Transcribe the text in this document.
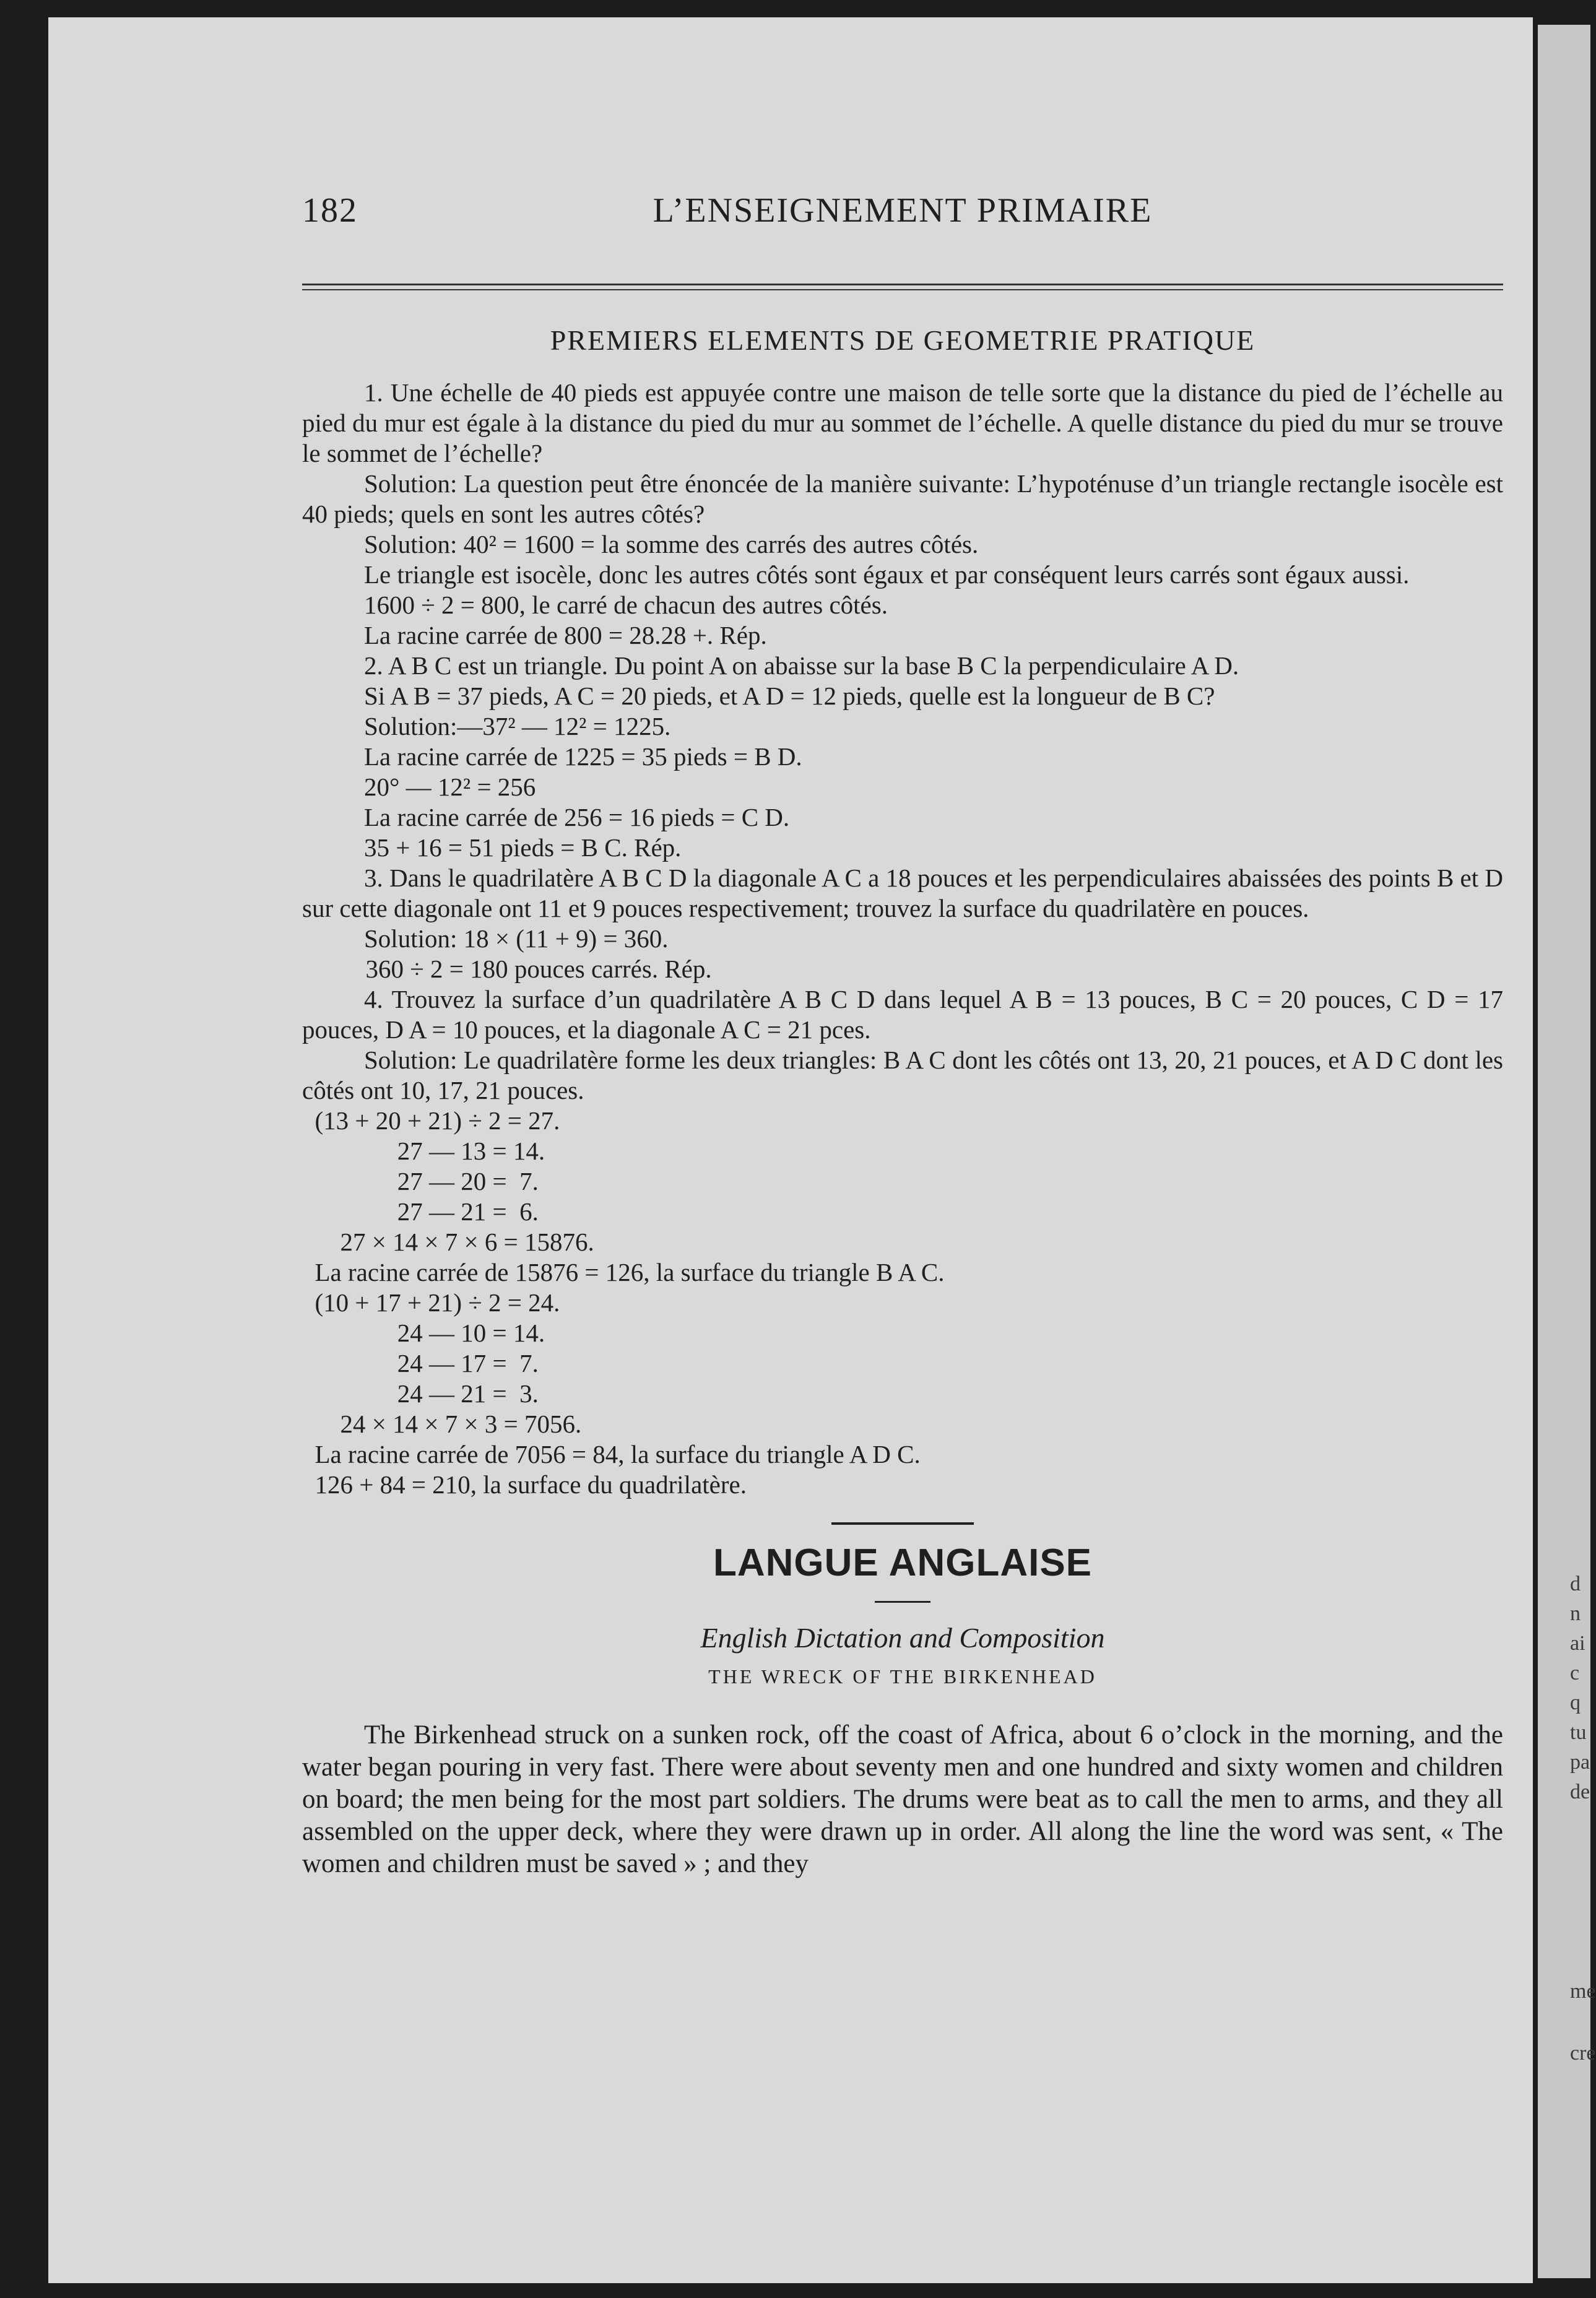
182	L’ENSEIGNEMENT PRIMAIRE
PREMIERS ELEMENTS DE GEOMETRIE PRATIQUE

1. Une échelle de 40 pieds est appuyée contre une maison de telle sorte que la distance du pied de l’échelle au pied du mur est égale à la distance du pied du mur au sommet de l’échelle. A quelle distance du pied du mur se trouve le sommet de l’échelle?

Solution: La question peut être énoncée de la manière suivante: L’hypoténuse d’un triangle rectangle isocèle est 40 pieds; quels en sont les autres côtés?

Solution: 40² = 1600 = la somme des carrés des autres côtés.

Le triangle est isocèle, donc les autres côtés sont égaux et par conséquent leurs carrés sont égaux aussi.

1600 ÷ 2 = 800, le carré de chacun des autres côtés.

La racine carrée de 800 = 28.28 +. Rép.

2. A B C est un triangle. Du point A on abaisse sur la base B C la perpendiculaire A D.

Si A B = 37 pieds, A C = 20 pieds, et A D = 12 pieds, quelle est la longueur de B C?

Solution:—37² — 12² = 1225.

La racine carrée de 1225 = 35 pieds = B D.

20° — 12² = 256

La racine carrée de 256 = 16 pieds = C D.

35 + 16 = 51 pieds = B C. Rép.

3. Dans le quadrilatère A B C D la diagonale A C a 18 pouces et les perpendiculaires abaissées des points B et D sur cette diagonale ont 11 et 9 pouces respectivement; trouvez la surface du quadrilatère en pouces.

Solution: 18 × (11 + 9) = 360.

360 ÷ 2 = 180 pouces carrés. Rép.

4. Trouvez la surface d’un quadrilatère A B C D dans lequel A B = 13 pouces, B C = 20 pouces, C D = 17 pouces, D A = 10 pouces, et la diagonale A C = 21 pces.

Solution: Le quadrilatère forme les deux triangles: B A C dont les côtés ont 13, 20, 21 pouces, et A D C dont les côtés ont 10, 17, 21 pouces.

(13 + 20 + 21) ÷ 2 = 27.

27 — 13 = 14.

27 — 20 =  7.

27 — 21 =  6.

27 × 14 × 7 × 6 = 15876.

La racine carrée de 15876 = 126, la surface du triangle B A C.

(10 + 17 + 21) ÷ 2 = 24.

24 — 10 = 14.

24 — 17 =  7.

24 — 21 =  3.

24 × 14 × 7 × 3 = 7056.

La racine carrée de 7056 = 84, la surface du triangle A D C.

126 + 84 = 210, la surface du quadrilatère.

LANGUE ANGLAISE
English Dictation and Composition
THE WRECK OF THE BIRKENHEAD

The Birkenhead struck on a sunken rock, off the coast of Africa, about 6 o’clock in the morning, and the water began pouring in very fast. There were about seventy men and one hundred and sixty women and children on board; the men being for the most part soldiers. The drums were beat as to call the men to arms, and they all assembled on the upper deck, where they were drawn up in order. All along the line the word was sent, « The women and children must be saved » ; and they

d
n
ai
c
q
tu
pa
de
me
cre
